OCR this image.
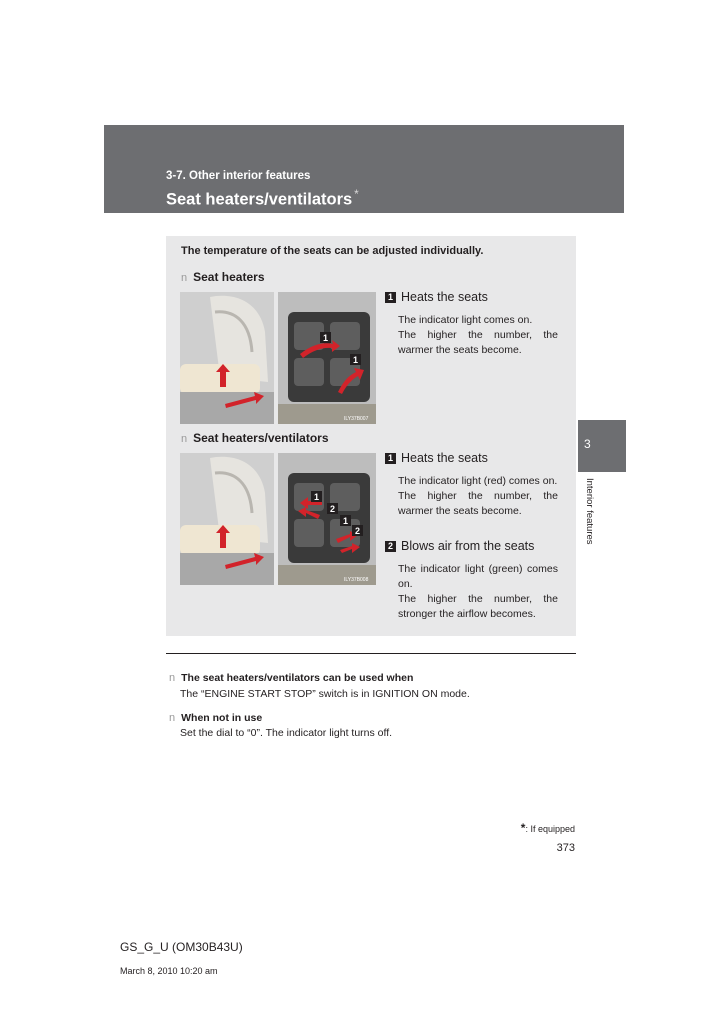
3-7. Other interior features
Seat heaters/ventilators *
The temperature of the seats can be adjusted individually.
n Seat heaters
1
1
ILY37B007
1 Heats the seats
The indicator light comes on.
The higher the number, the warmer the seats become.
n Seat heaters/ventilators
1
2
1
2
ILY37B008
1 Heats the seats
The indicator light (red) comes on.
The higher the number, the warmer the seats become.
2 Blows air from the seats
The indicator light (green) comes on.
The higher the number, the stronger the airflow becomes.
n The seat heaters/ventilators can be used when
The “ENGINE START STOP” switch is in IGNITION ON mode.
n When not in use
Set the dial to “0”. The indicator light turns off.
3
Interior features
*: If equipped
373
GS_G_U (OM30B43U)
March 8, 2010 10:20 am
